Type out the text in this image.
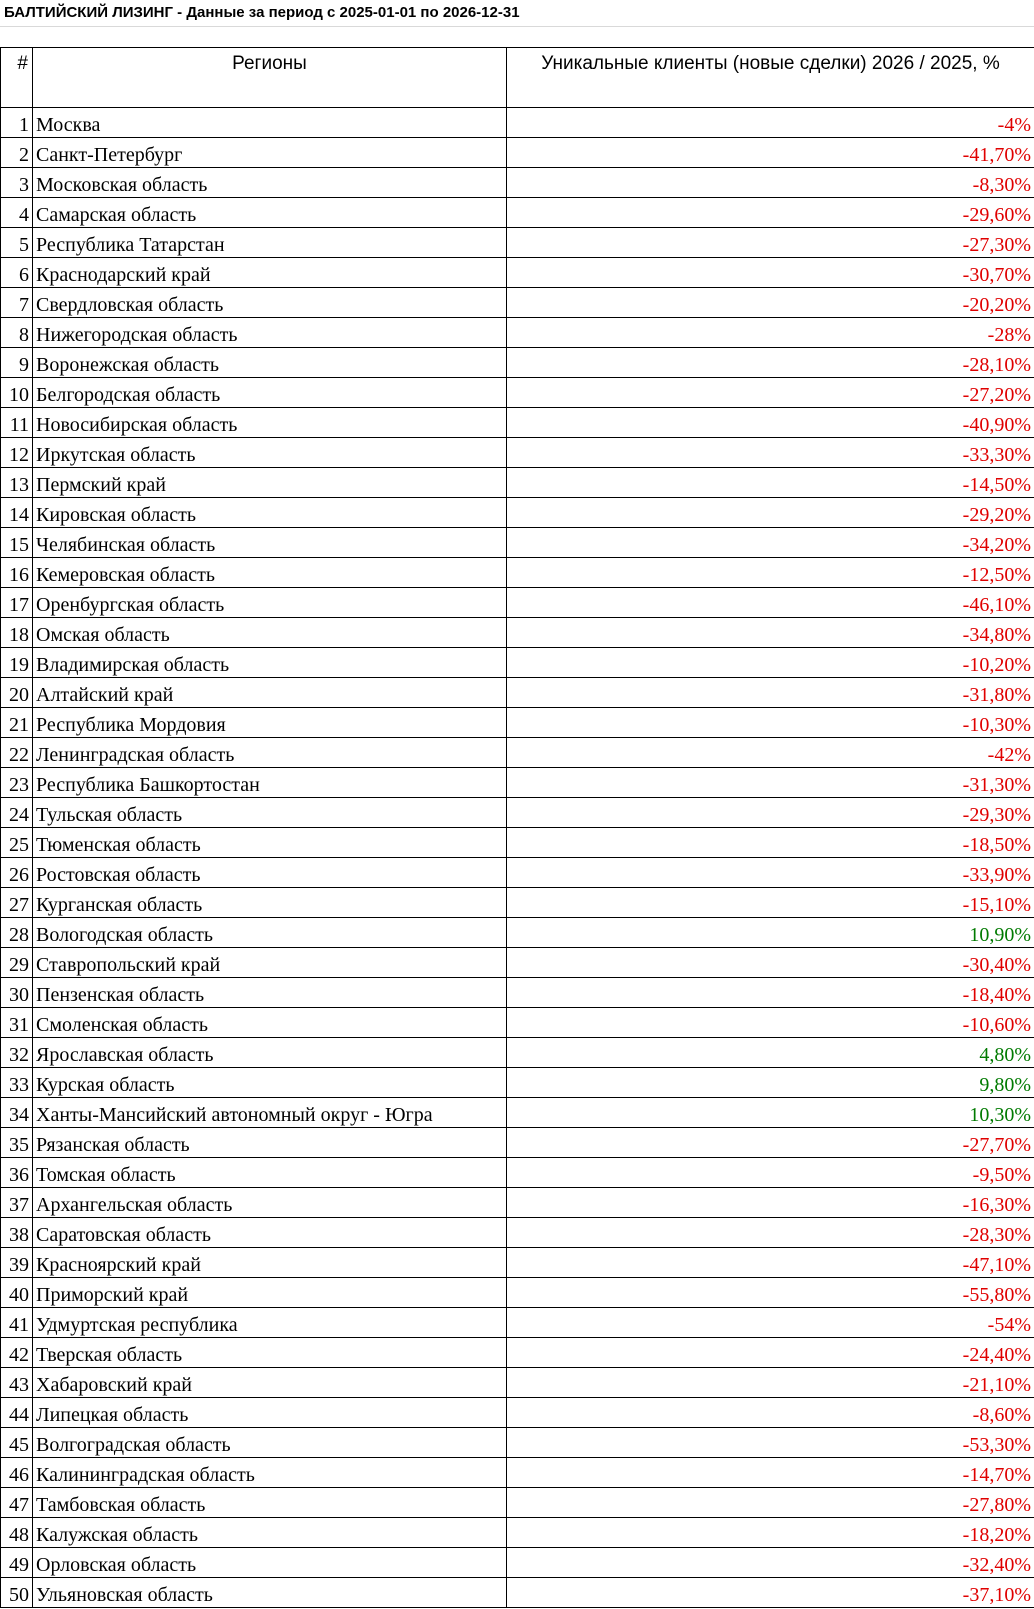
БАЛТИЙСКИЙ ЛИЗИНГ - Данные за период с 2025-01-01 по 2026-12-31
#	Регионы	Уникальные клиенты (новые сделки) 2026 / 2025, %
1	Москва	-4%
2	Санкт-Петербург	-41,70%
3	Московская область	-8,30%
4	Самарская область	-29,60%
5	Республика Татарстан	-27,30%
6	Краснодарский край	-30,70%
7	Свердловская область	-20,20%
8	Нижегородская область	-28%
9	Воронежская область	-28,10%
10	Белгородская область	-27,20%
11	Новосибирская область	-40,90%
12	Иркутская область	-33,30%
13	Пермский край	-14,50%
14	Кировская область	-29,20%
15	Челябинская область	-34,20%
16	Кемеровская область	-12,50%
17	Оренбургская область	-46,10%
18	Омская область	-34,80%
19	Владимирская область	-10,20%
20	Алтайский край	-31,80%
21	Республика Мордовия	-10,30%
22	Ленинградская область	-42%
23	Республика Башкортостан	-31,30%
24	Тульская область	-29,30%
25	Тюменская область	-18,50%
26	Ростовская область	-33,90%
27	Курганская область	-15,10%
28	Вологодская область	10,90%
29	Ставропольский край	-30,40%
30	Пензенская область	-18,40%
31	Смоленская область	-10,60%
32	Ярославская область	4,80%
33	Курская область	9,80%
34	Ханты-Мансийский автономный округ - Югра	10,30%
35	Рязанская область	-27,70%
36	Томская область	-9,50%
37	Архангельская область	-16,30%
38	Саратовская область	-28,30%
39	Красноярский край	-47,10%
40	Приморский край	-55,80%
41	Удмуртская республика	-54%
42	Тверская область	-24,40%
43	Хабаровский край	-21,10%
44	Липецкая область	-8,60%
45	Волгоградская область	-53,30%
46	Калининградская область	-14,70%
47	Тамбовская область	-27,80%
48	Калужская область	-18,20%
49	Орловская область	-32,40%
50	Ульяновская область	-37,10%
